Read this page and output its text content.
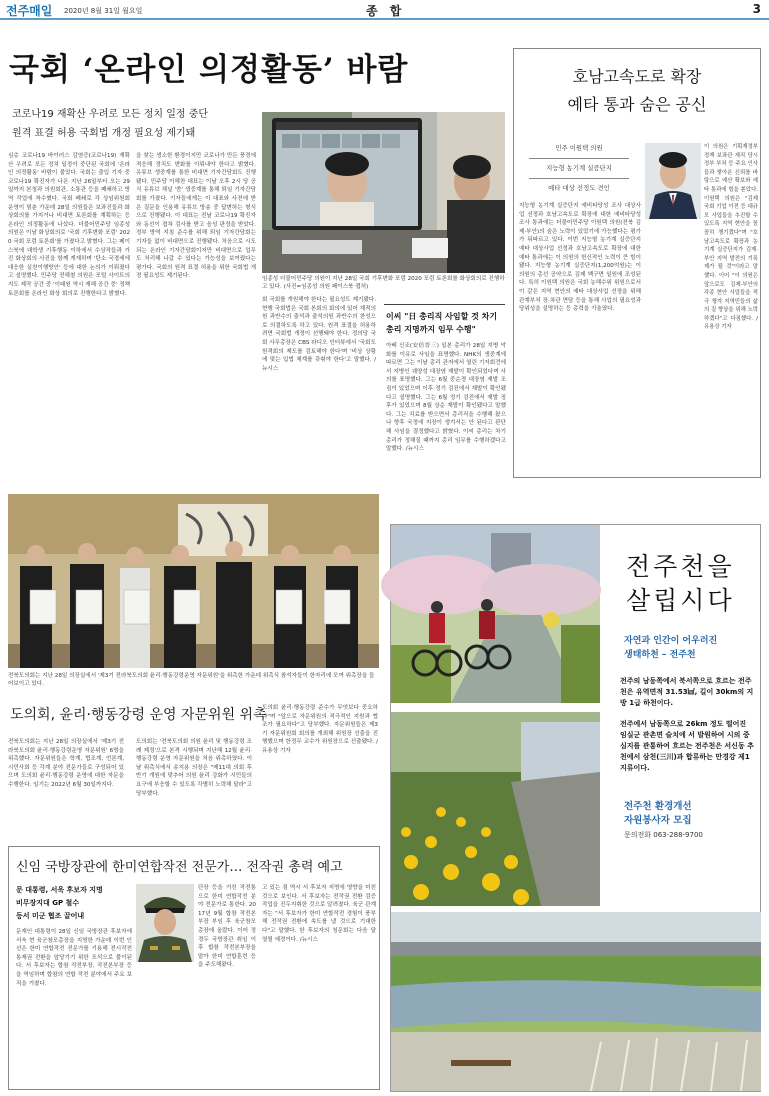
전주매일 2020년 8월 31일 월요일	종 합	3
국회 ‘온라인 의정활동’ 바람
코로나19 재확산 우려로 모든 정치 일정 중단
원격 표결 허용 국회법 개정 필요성 제기돼
심층 코로나19 바이러스 감염증(코로나19) 재확산 우려로 모든 정치 일정이 중단된 국회에 '온라인 의정활동' 바람이 불었다. 국회는 출입 기자 중 코로나19 확진자가 나온 지난 26일부터 오는 29일까지 본청과 의원회관, 소통관 등을 폐쇄하고 방역 작업에 착수했다. 국회 폐쇄로 각 상임위원회 운영이 멈춘 가운데 28일 의원들은 보좌진들과 화상회의를 가지거나 비대면 토론회를 계획하는 등 온라인 의정활동에 나섰다. 더불어민주당 임종성 의원은 이날 화상회의로 '국회 기후변화 포럼' 2020 국회 포럼 토론회'를 가졌다고 밝혔다. 그는 페이스북에 대학생 기후행동 이하에서 수상작들과 가진 화상회의 사진을 함께 게재하며 '탄소 국경세에 대응한 실천이행방안' 등에 대한 논의가 이뤄졌다고 설명했다. 민주당 전해철 의원은 포털 사이트의 지도 제작 공간 중 '이태원 역시 재해 공간 중' 정책 토론회를 온라인 화상 회의로 진행한다고 밝혔다.
을 찾는 생소한 환경이지만 코로나가 만든 풍경에 적응해 정치도 변화를 이뤄내야 한다고 밝혔다. 유튜브 생중계를 통한 비대면 기자간담회도 진행됐다. 민주당 이해찬 대표는 이날 오후 2시 당 공식 유튜브 채널 '씀' 생중계를 통해 퇴임 기자간담회를 가졌다. 기자들에게는 이 대표와 사전에 받은 질문을 인용해 유튜브 방송 중 답변하는 형식으로 진행됐다. 이 대표는 전날 코로나19 확진자와 동선이 겹쳐 검사를 받고 음성 판정을 받았다. 정부 방역 지침 준수를 위해 퇴임 기자간담회는 기자들 없이 비대면으로 진행됐다. 처음으로 시도되는 온라인 기자간담회이지만 비대면으로 업무도 처리해 나갈 수 있다는 가능성을 보여줬다는 평가다. 국회의 원격 표결 허용을 위한 국회법 개정 필요성도 제기된다.	임종성 더불어민주당 의원이 지난 28일 국회 기후변화 포럼 2020 포럼 토론회를 화상회의로 진행하고 있다. (사진=임종성 의원 페이스북 캡처)
회 국회를 개원해야 한다는 필요성도 제기됐다. 현행 국회법은 국회 본회의 회의에 있어 재적의원 과반수의 출석과 출석의원 과반수의 찬성으로 의결하도록 하고 있다. 원격 표결을 허용하려면 국회법 개정이 선행돼야 한다. 정의당 국회 사무총장은 CBS 라디오 인터뷰에서 '국회도 원격회의 제도를 검토해야 한다'며 '비상 상황에 맞는 입법 체계를 갖춰야 한다'고 말했다. /뉴시스
이씨 "日 총리직 사임할 것 차기 총리 지명까지 임무 수행"
아베 신조(安倍晋三) 일본 총리가 28일 지병 악화를 이유로 사임을 표명했다. NHK의 생중계에 따르면 그는 이날 총리 관저에서 열린 기자회견에서 지병인 궤양성 대장염 재발이 확인되었다며 사의를 표명했다. 그는 6월 중순경 대장염 재발 조짐이 있었으며 이후 정기 검진에서 재발이 확인됐다고 설명했다. 그는 6월 정기 검진에서 재발 징후가 있었으며 8월 상순 재발이 확인됐다고 말했다. 그는 치료를 받으면서 총리직을 수행해 왔으나 향후 국정에 지장이 생겨서는 안 된다고 판단해 사임을 결정했다고 밝혔다. 이씨 총리는 차기 총리가 정해질 때까지 총리 임무를 수행하겠다고 말했다. /뉴시스
호남고속도로 확장
예타 통과 숨은 공신
민주 이원택 의원
지능형 농기계 실증단지
예타 대상 선정도 견인
지능형 농기계 실증단지 예비타당성 조사 대상사업 선정과 호남고속도로 확장에 대한 예비타당성 조사 통과에는 더불어민주당 이원택 의원(전북 김제·부안)의 숨은 노력이 있었기에 가능했다는 평가가 뒤따르고 있다. 이번 지능형 농기계 실증단지 예타 대상사업 선정과 호남고속도로 확장에 대한 예타 통과에는 이 의원의 헌신적인 노력이 큰 힘이 됐다. 지능형 농기계 실증단지(1,200억원)는 이 의원의 총선 공약으로 김제 백구면 일원에 조성된다. 특히 이원택 의원은 국회 농해수위 위원으로서 이 같은 지역 현안의 예타 대상사업 선정을 위해 관계부처 장·차관 면담 등을 통해 사업의 필요성과 당위성을 설명하는 등 총력을 기울였다.
이 의원은 기획재정부 정책 보좌관 재직 당시 정부 부처 등 주요 인사들과 쌓아온 신뢰를 바탕으로 예산 확보와 예타 통과에 힘을 쏟았다. 이원택 의원은 "김제 국회 기업 이전 등 대규모 사업들을 추진할 수 있도록 지역 현안을 꼼꼼히 챙기겠다"며 "호남고속도로 확장과 농기계 실증단지가 김제·부안 지역 발전의 기폭제가 될 것"이라고 말했다. 이어 "이 의원은 앞으로도 김제·부안의 각종 현안 사업들을 적극 챙겨 지역민들의 삶의 질 향상을 위해 노력하겠다"고 다짐했다. /유용상 기자
전북도의회는 지난 28일 의장실에서 '제3기 전라북도의회 윤리·행동강령운영 자문위원'을 위촉한 가운데 위촉식 참석자들이 한자리에 모여 위촉장을 들어보이고 있다.
도의회, 윤리·행동강령 운영 자문위원 위촉
전북도의회는 지난 28일 의장실에서 '제3기 전라북도의회 윤리·행동강령운영 자문위원' 6명을 위촉했다. 자문위원들은 학계, 법조계, 언론계, 시민사회 등 각계 분야 전문가들로 구성되어 있으며 도의회 윤리·행동강령 운영에 대한 자문을 수행한다. 임기는 2022년 6월 30일까지다.
도의회는 '전북도의회 의원 윤리 및 행동강령 조례 제정'으로 본격 시행되며 지난해 12월 윤리·행동강령 운영 자문위원을 처음 위촉하였다. 이날 위촉식에서 송지용 의장은 "제11대 의회 후반기 개원에 맞추어 의원 윤리 강화가 시민들의 요구에 부응할 수 있도록 각별히 노력해 달라"고 당부했다.
도의회 윤리·행동강령 준수가 무엇보다 중요하다"며 "앞으로 자문위원의 적극적인 지원과 협조가 필요하다"고 당부했다. 자문위원들은 제3기 자문위원회 회의를 개최해 위원장 선출을 진행했으며 한정무 교수가 위원장으로 선출됐다. /유용상 기자
신임 국방장관에 한미연합작전 전문가… 전작권 총력 예고
문 대통령, 서욱 후보자 지명
비무장지대 GP 철수
등서 미군 협조 끌어내
문재인 대통령이 28일 신임 국방장관 후보자에 서욱 현 육군참모총장을 지명한 가운데 이번 인선은 한미 연합작전 전문가를 기용해 전시작전통제권 전환을 앞당기기 위한 포석으로 풀이된다. 서 후보자는 합참 작전부장, 작전본부장 등을 역임하며 합참의 연합 작전 분야에서 주요 보직을 거쳤다.
단장 등을 거친 작전통으로 한미 연합작전 분야 전문가로 통한다. 2017년 9월 합참 작전본부장 부임 후 육군참모총장에 올랐다. 이어 정경두 국방장관 취임 이후 합참 작전본부장을 맡아 한미 연합훈련 등을 주도해왔다.
고 있는 점 역시 서 후보자 지명에 영향을 미친 것으로 보인다. 서 후보자는 전작권 전환 검증 작업을 진두지휘한 것으로 알려졌다. 육군 관계자는 "서 후보자가 한미 연합작전 경험이 풍부해 전작권 전환에 속도를 낼 것으로 기대한다"고 말했다. 한 후보자의 청문회는 다음 달 열릴 예정이다. /뉴시스
전주천을
살립시다
자연과 인간이 어우러진
생태하천 – 전주천
전주의 남동쪽에서 북서쪽으로 흐르는 전주천은 유역면적 31.53㎢, 길이 30km의 지방 1급 하천이다.
전주에서 남동쪽으로 26km 정도 떨어진 임실군 관촌면 슬치에 서 발원하여 시의 중심지를 관통하여 흐르는 전주천은 서신동 추천에서 삼천(三川)과 합류하는 만경강 제1지류이다.
전주천 환경개선
자원봉사자 모집
문의전화 063-288-9700
